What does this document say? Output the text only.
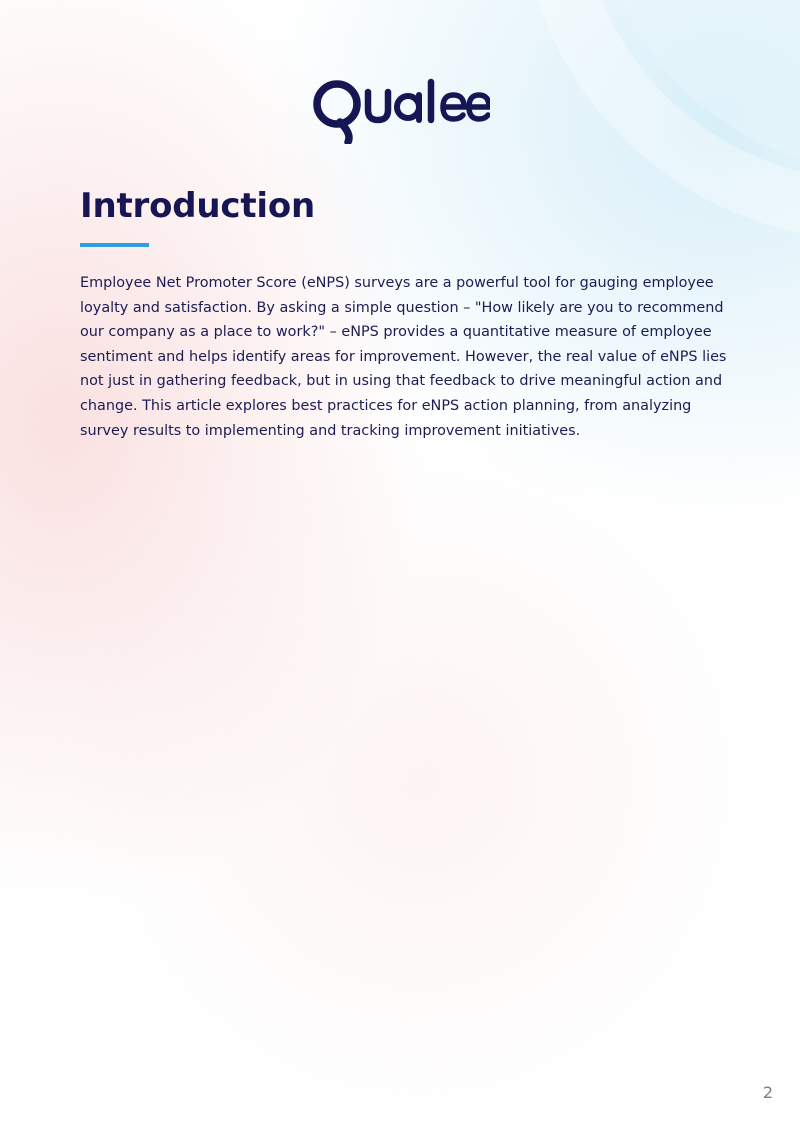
Introduction

Employee Net Promoter Score (eNPS) surveys are a powerful tool for gauging employee loyalty and satisfaction. By asking a simple question – "How likely are you to recommend our company as a place to work?" – eNPS provides a quantitative measure of employee sentiment and helps identify areas for improvement. However, the real value of eNPS lies not just in gathering feedback, but in using that feedback to drive meaningful action and change. This article explores best practices for eNPS action planning, from analyzing survey results to implementing and tracking improvement initiatives.

2
